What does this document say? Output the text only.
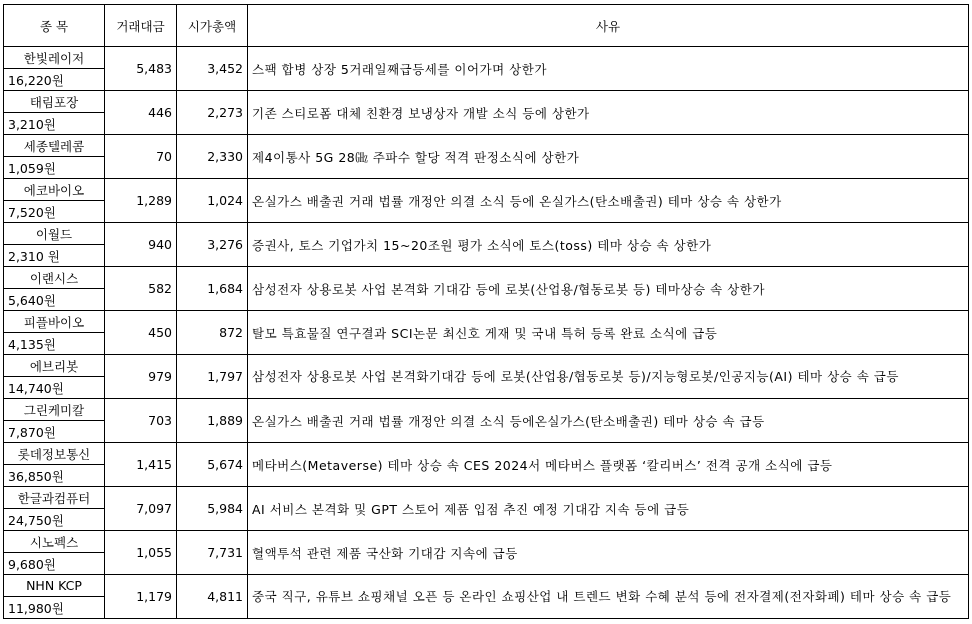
종 목	거래대금	시가총액	사유
한빛레이저	5,483	3,452	스팩 합병 상장 5거래일째급등세를 이어가며 상한가
16,220원			
태림포장	446	2,273	기존 스티로폼 대체 친환경 보냉상자 개발 소식 등에 상한가
3,210원			
세종텔레콤	70	2,330	제4이통사 5G 28㎓ 주파수 할당 적격 판정소식에 상한가
1,059원			
에코바이오	1,289	1,024	온실가스 배출권 거래 법률 개정안 의결 소식 등에 온실가스(탄소배출권) 테마 상승 속 상한가
7,520원			
이월드	940	3,276	증권사, 토스 기업가치 15~20조원 평가 소식에 토스(toss) 테마 상승 속 상한가
2,310 원			
이랜시스	582	1,684	삼성전자 상용로봇 사업 본격화 기대감 등에 로봇(산업용/협동로봇 등) 테마상승 속 상한가
5,640원			
피플바이오	450	872	탈모 특효물질 연구결과 SCI논문 최신호 게재 및 국내 특허 등록 완료 소식에 급등
4,135원			
에브리봇	979	1,797	삼성전자 상용로봇 사업 본격화기대감 등에 로봇(산업용/협동로봇 등)/지능형로봇/인공지능(AI) 테마 상승 속 급등
14,740원			
그린케미칼	703	1,889	온실가스 배출권 거래 법률 개정안 의결 소식 등에온실가스(탄소배출권) 테마 상승 속 급등
7,870원			
롯데정보통신	1,415	5,674	메타버스(Metaverse) 테마 상승 속 CES 2024서 메타버스 플랫폼 ‘칼리버스’ 전격 공개 소식에 급등
36,850원			
한글과컴퓨터	7,097	5,984	AI 서비스 본격화 및 GPT 스토어 제품 입점 추진 예정 기대감 지속 등에 급등
24,750원			
시노펙스	1,055	7,731	혈액투석 관련 제품 국산화 기대감 지속에 급등
9,680원			
NHN KCP	1,179	4,811	중국 직구, 유튜브 쇼핑채널 오픈 등 온라인 쇼핑산업 내 트렌드 변화 수혜 분석 등에 전자결제(전자화폐) 테마 상승 속 급등
11,980원			
